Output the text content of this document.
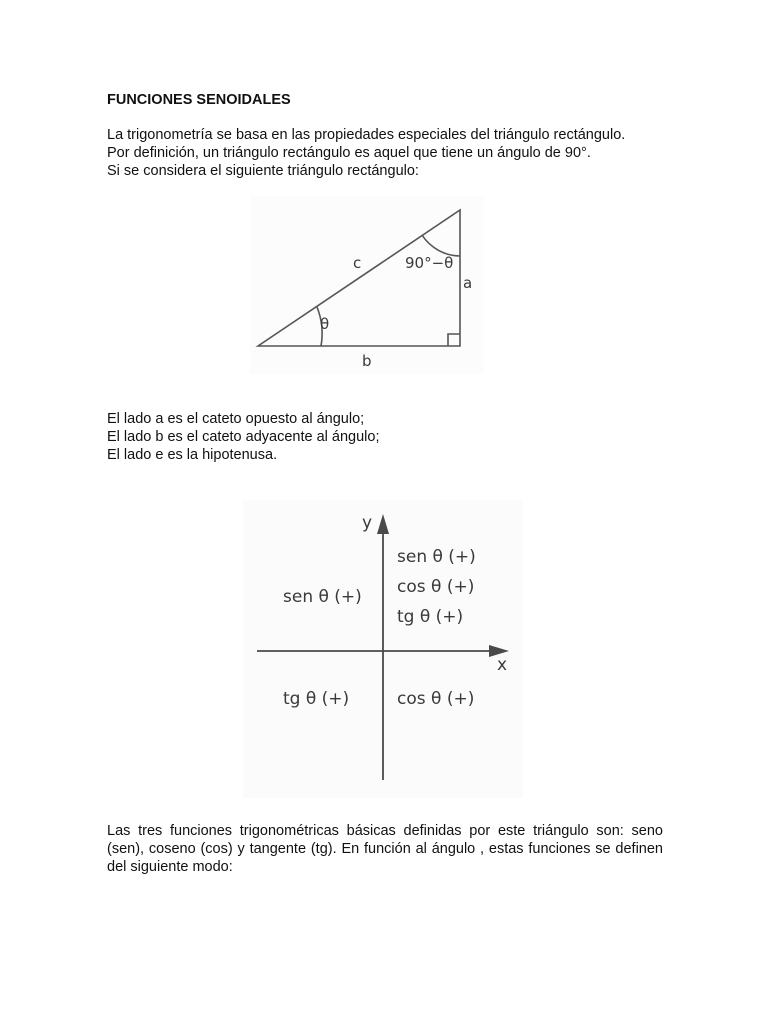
FUNCIONES SENOIDALES

La trigonometría se basa en las propiedades especiales del triángulo rectángulo.
Por definición, un triángulo rectángulo es aquel que tiene un ángulo de 90°.
Si se considera el siguiente triángulo rectángulo:

c
a
b
θ
90°−θ

El lado a es el cateto opuesto al ángulo;
El lado b es el cateto adyacente al ángulo;
El lado e es la hipotenusa.

y
x
sen θ (+)
cos θ (+)
tg θ (+)
sen θ (+)
tg θ (+)	cos θ (+)

Las tres funciones trigonométricas básicas definidas por este triángulo son: seno (sen), coseno (cos) y tangente (tg). En función al ángulo , estas funciones se definen del siguiente modo:
